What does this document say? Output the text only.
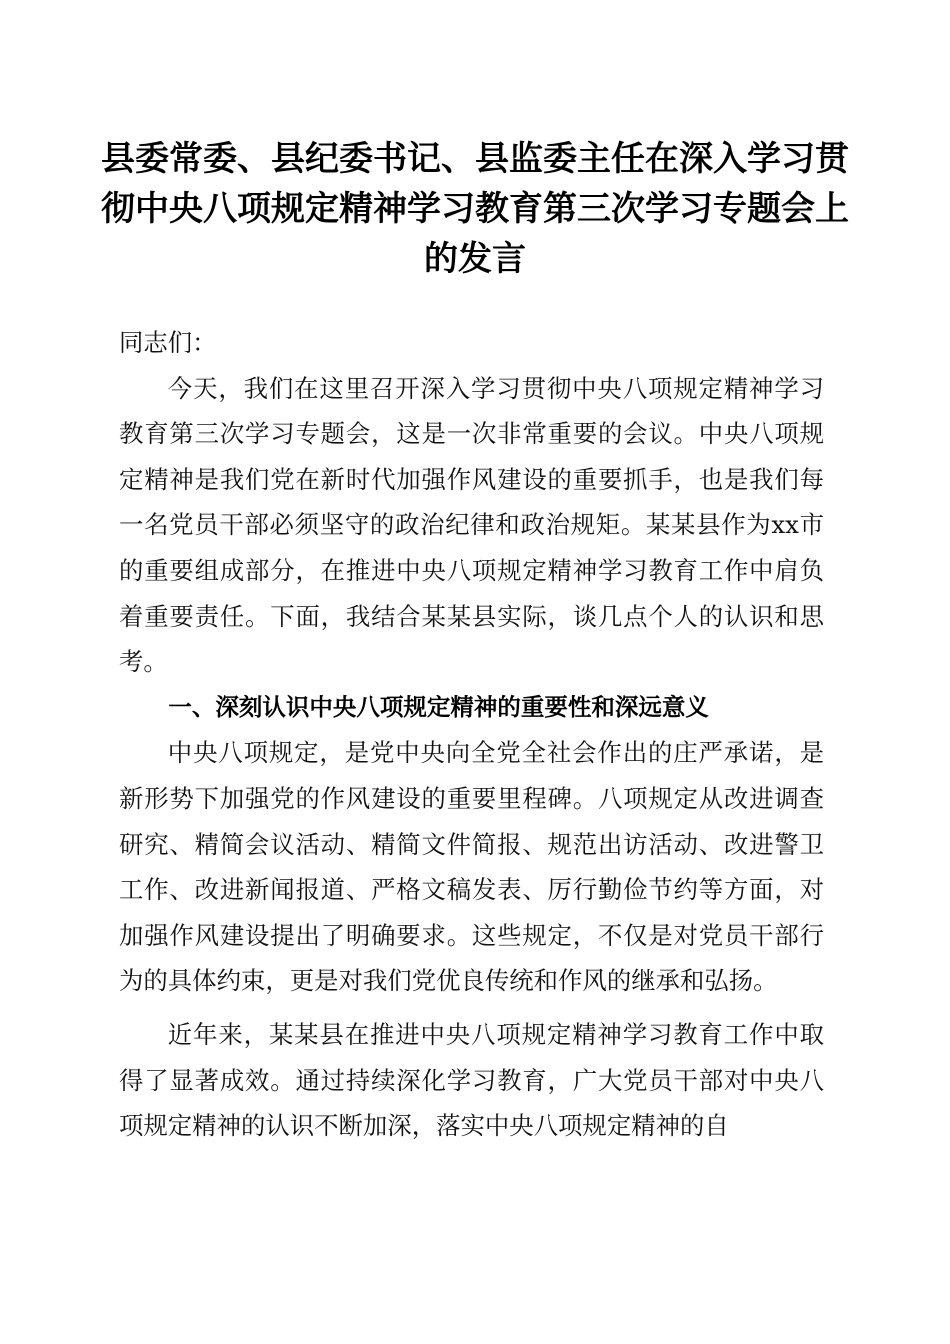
县委常委、县纪委书记、县监委主任在深入学习贯彻中央八项规定精神学习教育第三次学习专题会上的发言

同志们：

今天，我们在这里召开深入学习贯彻中央八项规定精神学习教育第三次学习专题会，这是一次非常重要的会议。中央八项规定精神是我们党在新时代加强作风建设的重要抓手，也是我们每一名党员干部必须坚守的政治纪律和政治规矩。某某县作为xx市的重要组成部分，在推进中央八项规定精神学习教育工作中肩负着重要责任。下面，我结合某某县实际，谈几点个人的认识和思考。

一、深刻认识中央八项规定精神的重要性和深远意义

中央八项规定，是党中央向全党全社会作出的庄严承诺，是新形势下加强党的作风建设的重要里程碑。八项规定从改进调查研究、精简会议活动、精简文件简报、规范出访活动、改进警卫工作、改进新闻报道、严格文稿发表、厉行勤俭节约等方面，对加强作风建设提出了明确要求。这些规定，不仅是对党员干部行为的具体约束，更是对我们党优良传统和作风的继承和弘扬。

近年来，某某县在推进中央八项规定精神学习教育工作中取得了显著成效。通过持续深化学习教育，广大党员干部对中央八项规定精神的认识不断加深，落实中央八项规定精神的自
